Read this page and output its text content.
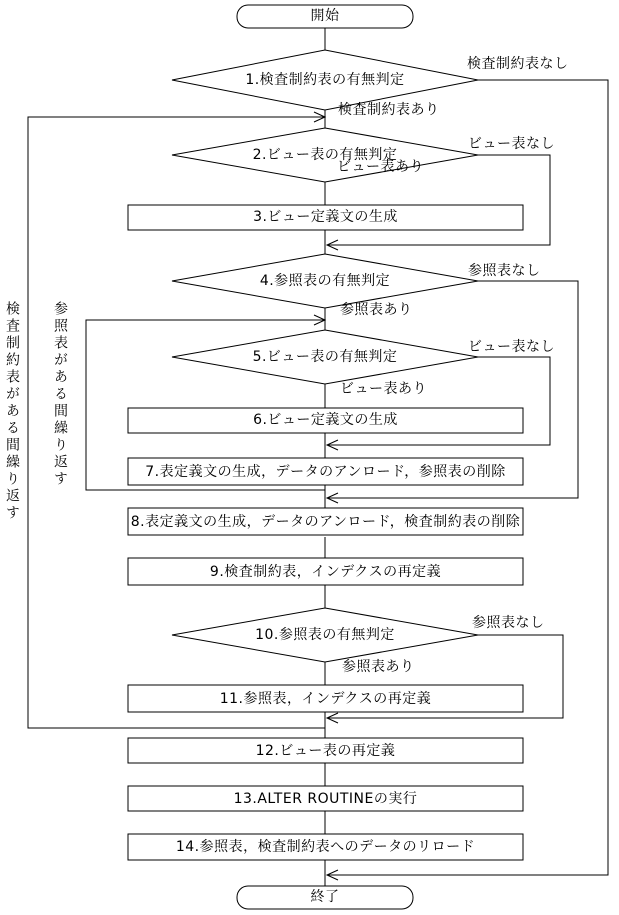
開始
1.検査制約表の有無判定
2.ビュー表の有無判定
3.ビュー定義文の生成
4.参照表の有無判定
5.ビュー表の有無判定
6.ビュー定義文の生成
7.表定義文の生成，データのアンロード，参照表の削除
8.表定義文の生成，データのアンロード，検査制約表の削除
9.検査制約表，インデクスの再定義
10.参照表の有無判定
11.参照表，インデクスの再定義
12.ビュー表の再定義
13.ALTER ROUTINEの実行
14.参照表，検査制約表へのデータのリロード
終了
検査制約表なし
検査制約表あり
ビュー表なし
ビュー表あり
参照表なし
参照表あり
ビュー表なし
ビュー表あり
参照表なし
参照表あり
検査制約表がある間繰り返す 参照表がある間繰り返す
